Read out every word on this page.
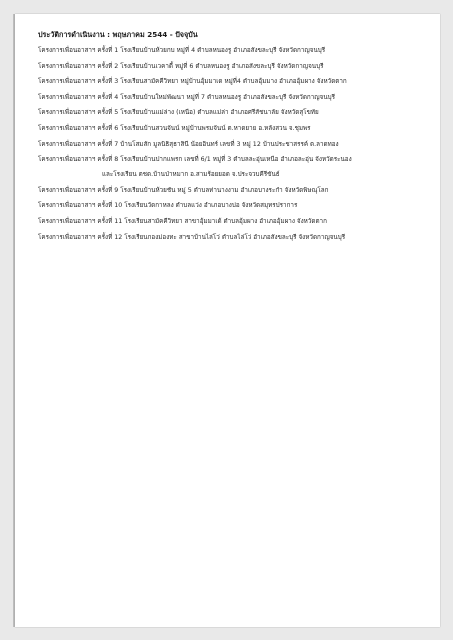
ประวัติการดำเนินงาน : พฤษภาคม 2544 - ปัจจุบัน
โครงการเพื่อนอาสาฯ ครั้งที่ 1 โรงเรียนบ้านห้วยกบ หมู่ที่ 4 ตำบลหนองรู อำเภอสังขละบุรี จังหวัดกาญจนบุรี
โครงการเพื่อนอาสาฯ ครั้งที่ 2 โรงเรียนบ้านเวคาดี้ หมู่ที่ 6 ตำบลหนองรู อำเภอสังขละบุรี จังหวัดกาญจนบุรี
โครงการเพื่อนอาสาฯ ครั้งที่ 3 โรงเรียนสามัคคีวิทยา หมู่บ้านอุ้มมาเด หมู่ที่4 ตำบลอุ้มมาง อำเภออุ้มผาง จังหวัดตาก
โครงการเพื่อนอาสาฯ ครั้งที่ 4 โรงเรียนบ้านใหม่พัฒนา หมู่ที่ 7 ตำบลหนองรู อำเภอสังขละบุรี จังหวัดกาญจนบุรี
โครงการเพื่อนอาสาฯ ครั้งที่ 5 โรงเรียนบ้านแม่ล่าง (เหนือ) ตำบลแม่ล่า อำเภอศรีสัชนาลัย จังหวัดสุโขทัย
โครงการเพื่อนอาสาฯ ครั้งที่ 6 โรงเรียนบ้านสวนจันน์ หมู่บ้านพรมจันน์ ต.หาดยาย อ.หลังสวน จ.ชุมพร
โครงการเพื่อนอาสาฯ ครั้งที่ 7 บ้านโสมสัก มูลนิธิสุธาสินี น้อยอินทร์ เลขที่ 3 หมู่ 12 บ้านประชาสรรค์ ต.ลาดทอง
โครงการเพื่อนอาสาฯ ครั้งที่ 8 โรงเรียนบ้านปากแพรก เลขที่ 6/1 หมู่ที่ 3 ตำบลละอุ่นเหนือ อำเภอละอุ่น จังหวัดระนอง
และโรงเรียน ตชด.บ้านป่าหมาก อ.สามร้อยยอด จ.ประจวบคีรีขันธ์
โครงการเพื่อนอาสาฯ ครั้งที่ 9 โรงเรียนบ้านห้วยชัน หมู่ 5 ตำบลท่านางงาม อำเภอบางระกำ จังหวัดพิษณุโลก
โครงการเพื่อนอาสาฯ ครั้งที่ 10 โรงเรียนวัดกาหลง ตำบลแว่ง อำเภอบางบ่อ จังหวัดสมุทรปราการ
โครงการเพื่อนอาสาฯ ครั้งที่ 11 โรงเรียนสามัคคีวิทยา สาขาอุ้มมาเด้ ตำบลอุ้มผาง อำเภออุ้มผาง จังหวัดตาก
โครงการเพื่อนอาสาฯ ครั้งที่ 12 โรงเรียนกองม่องทะ สาขาบ้านไล่โว่ ตำบลไล่โว่ อำเภอสังขละบุรี จังหวัดกาญจนบุรี
